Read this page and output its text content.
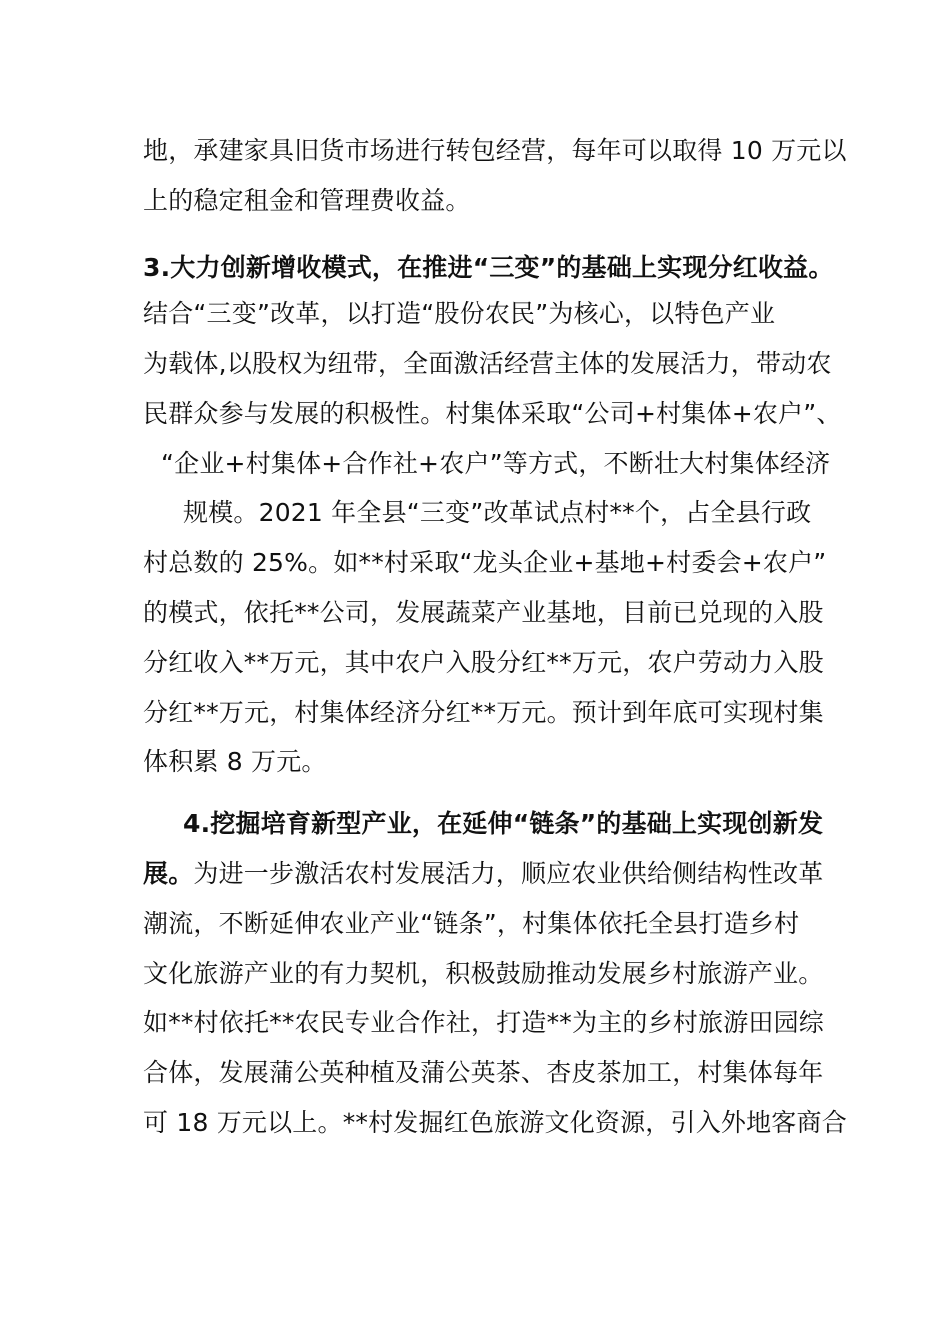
地，承建家具旧货市场进行转包经营，每年可以取得 10 万元以
上的稳定租金和管理费收益。
3.大力创新增收模式，在推进“三变”的基础上实现分红收益。
结合“三变”改革，以打造“股份农民”为核心，以特色产业
为载体,以股权为纽带，全面激活经营主体的发展活力，带动农
民群众参与发展的积极性。村集体采取“公司+村集体+农户”、
“企业+村集体+合作社+农户”等方式，不断壮大村集体经济
规模。2021 年全县“三变”改革试点村**个，占全县行政
村总数的 25%。如**村采取“龙头企业+基地+村委会+农户”
的模式，依托**公司，发展蔬菜产业基地，目前已兑现的入股
分红收入**万元，其中农户入股分红**万元，农户劳动力入股
分红**万元，村集体经济分红**万元。预计到年底可实现村集
体积累 8 万元。
4.挖掘培育新型产业，在延伸“链条”的基础上实现创新发
展。为进一步激活农村发展活力，顺应农业供给侧结构性改革
潮流，不断延伸农业产业“链条”，村集体依托全县打造乡村
文化旅游产业的有力契机，积极鼓励推动发展乡村旅游产业。
如**村依托**农民专业合作社，打造**为主的乡村旅游田园综
合体，发展蒲公英种植及蒲公英茶、杏皮茶加工，村集体每年
可 18 万元以上。**村发掘红色旅游文化资源，引入外地客商合
